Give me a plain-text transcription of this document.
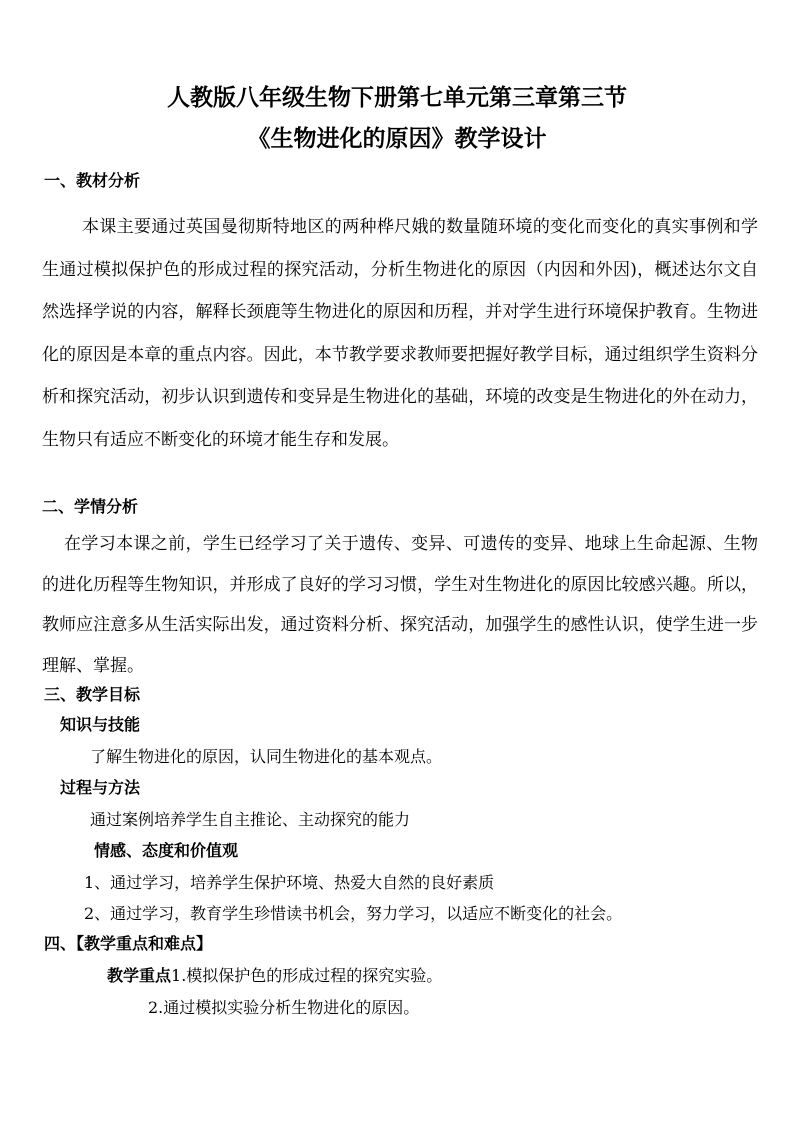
人教版八年级生物下册第七单元第三章第三节
《生物进化的原因》教学设计
一、教材分析
本课主要通过英国曼彻斯特地区的两种桦尺娥的数量随环境的变化而变化的真实事例和学生通过模拟保护色的形成过程的探究活动，分析生物进化的原因（内因和外因)，概述达尔文自然选择学说的内容，解释长颈鹿等生物进化的原因和历程，并对学生进行环境保护教育。生物进化的原因是本章的重点内容。因此，本节教学要求教师要把握好教学目标，通过组织学生资料分析和探究活动，初步认识到遗传和变异是生物进化的基础，环境的改变是生物进化的外在动力，生物只有适应不断变化的环境才能生存和发展。
二、学情分析
在学习本课之前，学生已经学习了关于遗传、变异、可遗传的变异、地球上生命起源、生物的进化历程等生物知识，并形成了良好的学习习惯，学生对生物进化的原因比较感兴趣。所以，教师应注意多从生活实际出发，通过资料分析、探究活动，加强学生的感性认识，使学生进一步理解、掌握。
三、教学目标
知识与技能
了解生物进化的原因，认同生物进化的基本观点。
过程与方法
通过案例培养学生自主推论、主动探究的能力
情感、态度和价值观
1、通过学习，培养学生保护环境、热爱大自然的良好素质
2、通过学习，教育学生珍惜读书机会，努力学习，以适应不断变化的社会。
四、【教学重点和难点】
教学重点1.模拟保护色的形成过程的探究实验。
2.通过模拟实验分析生物进化的原因。
